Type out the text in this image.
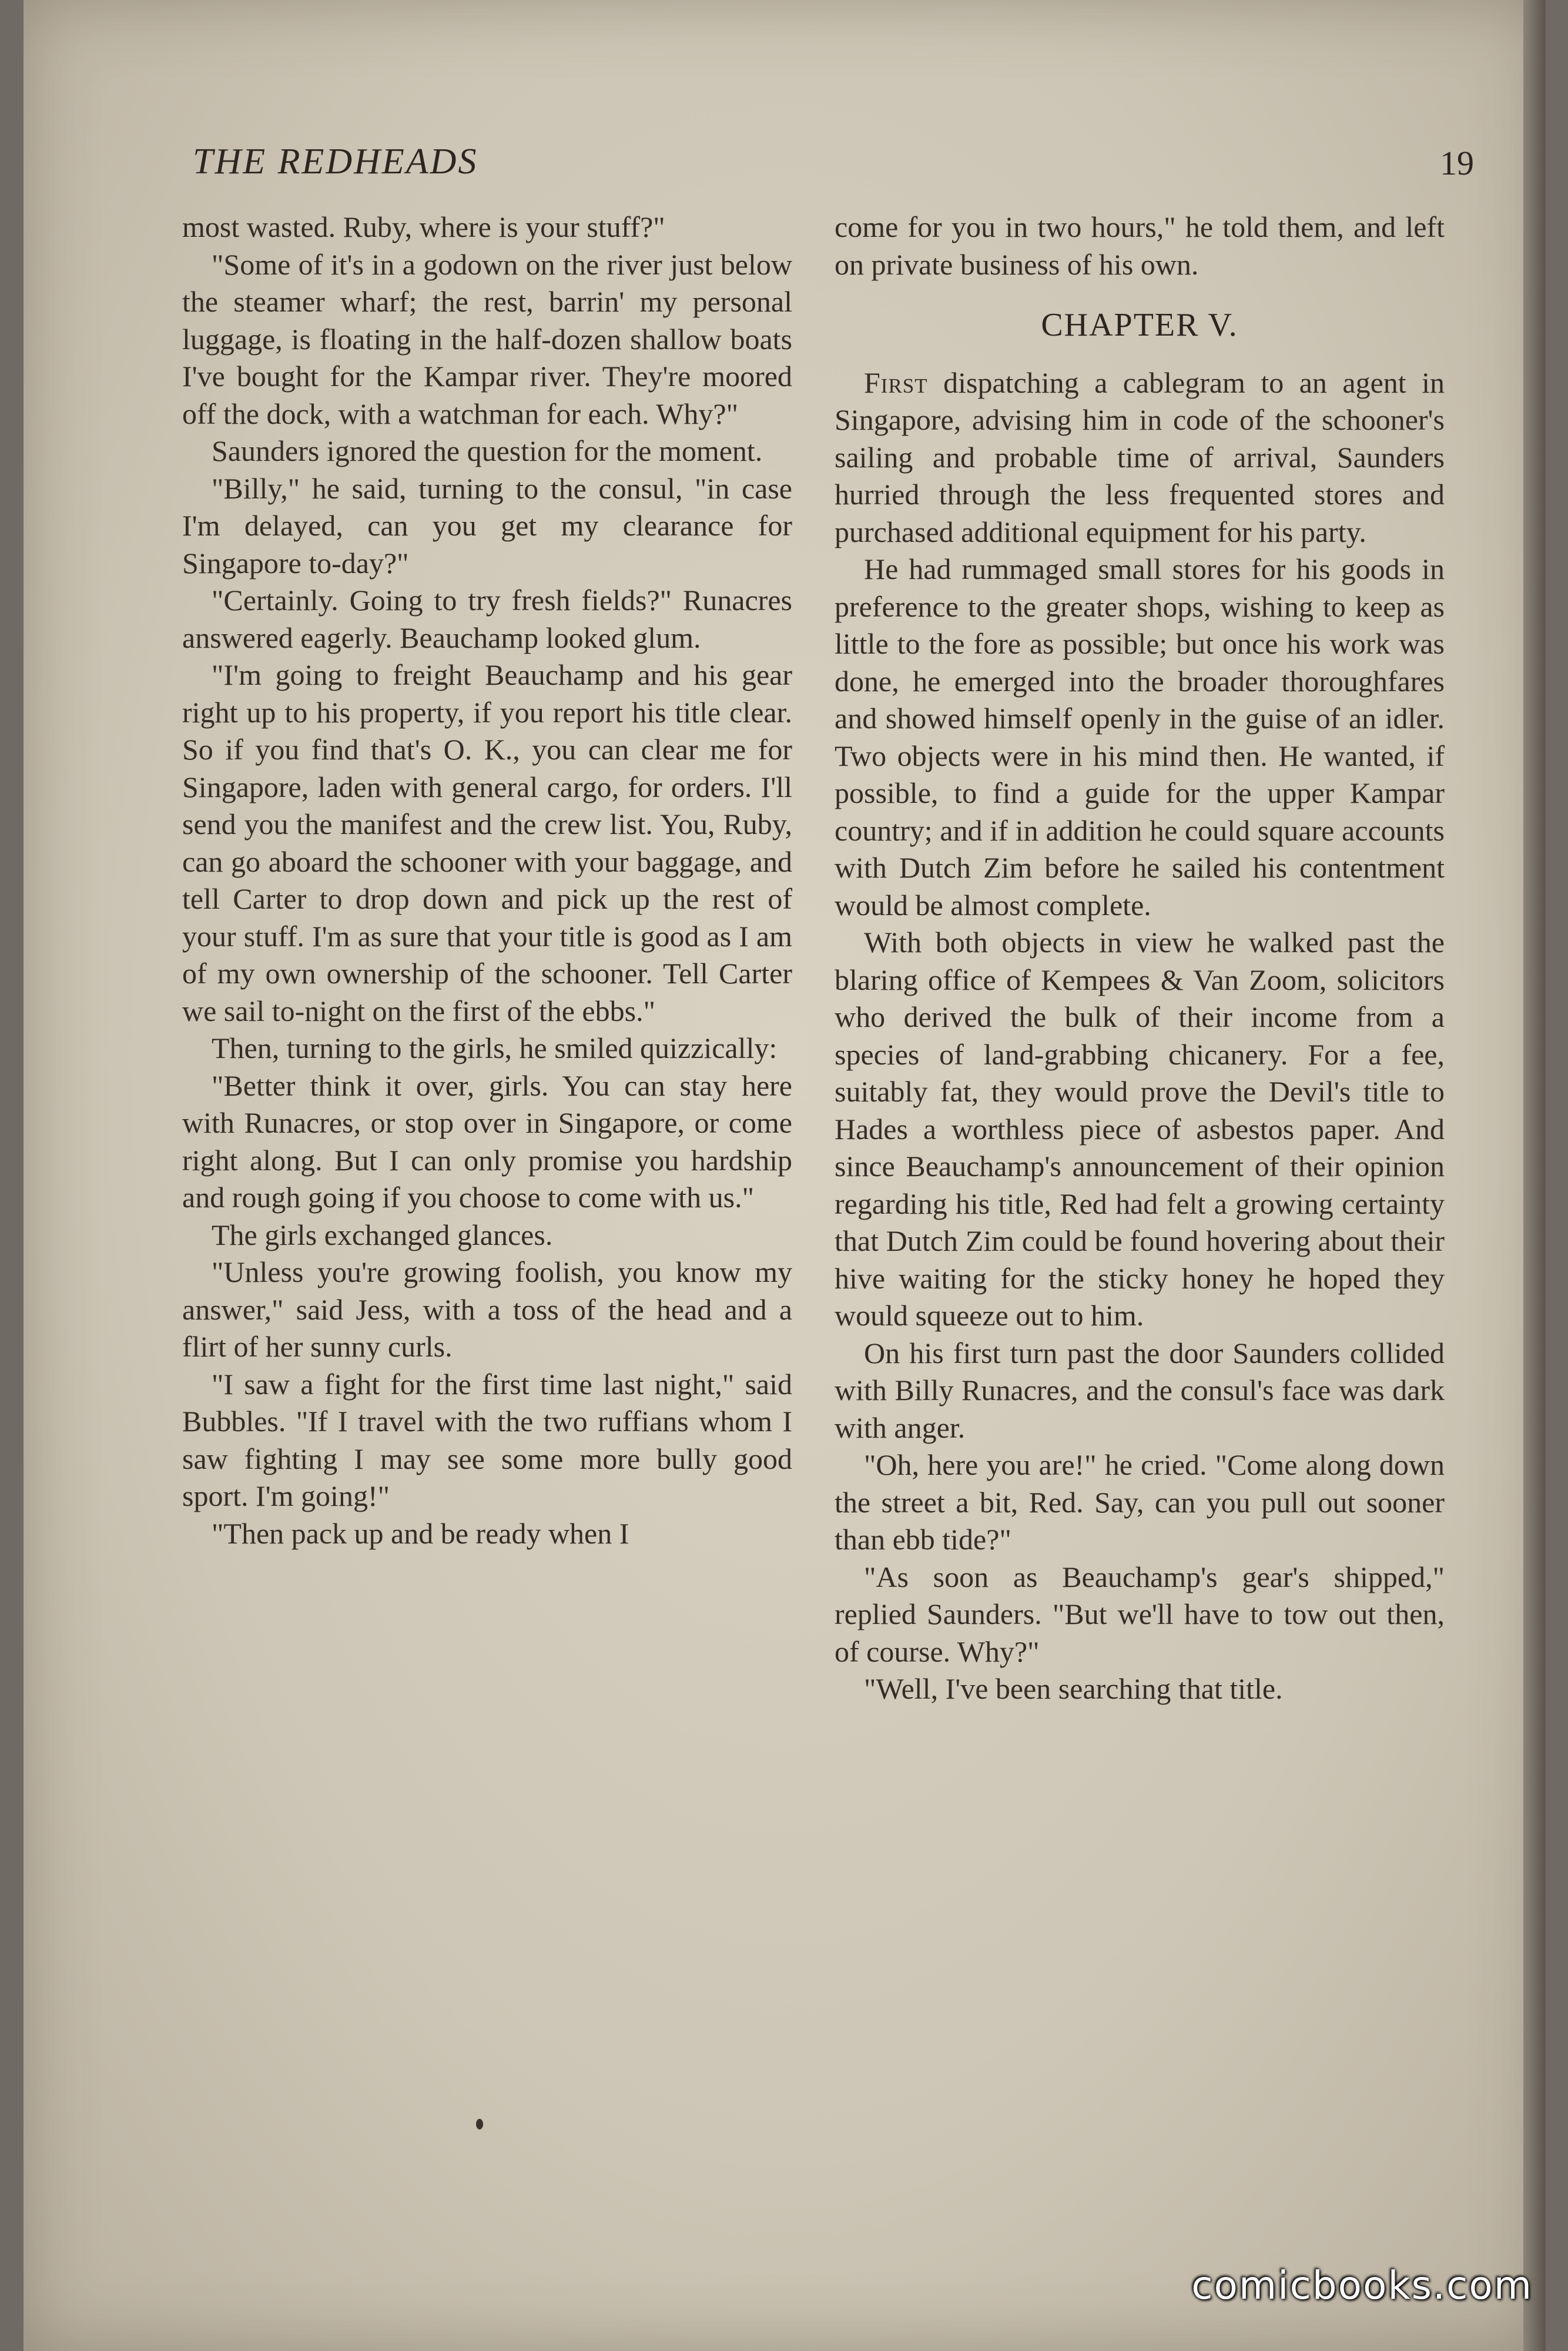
THE REDHEADS	19

most wasted. Ruby, where is your stuff?"

"Some of it's in a godown on the river just below the steamer wharf; the rest, barrin' my personal luggage, is floating in the half-dozen shallow boats I've bought for the Kampar river. They're moored off the dock, with a watchman for each. Why?"

Saunders ignored the question for the moment.

"Billy," he said, turning to the consul, "in case I'm delayed, can you get my clearance for Singapore to-day?"

"Certainly. Going to try fresh fields?" Runacres answered eagerly. Beauchamp looked glum.

"I'm going to freight Beauchamp and his gear right up to his property, if you report his title clear. So if you find that's O. K., you can clear me for Singapore, laden with general cargo, for orders. I'll send you the manifest and the crew list. You, Ruby, can go aboard the schooner with your baggage, and tell Carter to drop down and pick up the rest of your stuff. I'm as sure that your title is good as I am of my own ownership of the schooner. Tell Carter we sail to-night on the first of the ebbs."

Then, turning to the girls, he smiled quizzically:

"Better think it over, girls. You can stay here with Runacres, or stop over in Singapore, or come right along. But I can only promise you hardship and rough going if you choose to come with us."

The girls exchanged glances.

"Unless you're growing foolish, you know my answer," said Jess, with a toss of the head and a flirt of her sunny curls.

"I saw a fight for the first time last night," said Bubbles. "If I travel with the two ruffians whom I saw fighting I may see some more bully good sport. I'm going!"

"Then pack up and be ready when I

come for you in two hours," he told them, and left on private business of his own.

CHAPTER V.

First dispatching a cablegram to an agent in Singapore, advising him in code of the schooner's sailing and probable time of arrival, Saunders hurried through the less frequented stores and purchased additional equipment for his party.

He had rummaged small stores for his goods in preference to the greater shops, wishing to keep as little to the fore as possible; but once his work was done, he emerged into the broader thoroughfares and showed himself openly in the guise of an idler. Two objects were in his mind then. He wanted, if possible, to find a guide for the upper Kampar country; and if in addition he could square accounts with Dutch Zim before he sailed his contentment would be almost complete.

With both objects in view he walked past the blaring office of Kempees & Van Zoom, solicitors who derived the bulk of their income from a species of land-grabbing chicanery. For a fee, suitably fat, they would prove the Devil's title to Hades a worthless piece of asbestos paper. And since Beauchamp's announcement of their opinion regarding his title, Red had felt a growing certainty that Dutch Zim could be found hovering about their hive waiting for the sticky honey he hoped they would squeeze out to him.

On his first turn past the door Saunders collided with Billy Runacres, and the consul's face was dark with anger.

"Oh, here you are!" he cried. "Come along down the street a bit, Red. Say, can you pull out sooner than ebb tide?"

"As soon as Beauchamp's gear's shipped," replied Saunders. "But we'll have to tow out then, of course. Why?"

"Well, I've been searching that title.

comicbooks.com
